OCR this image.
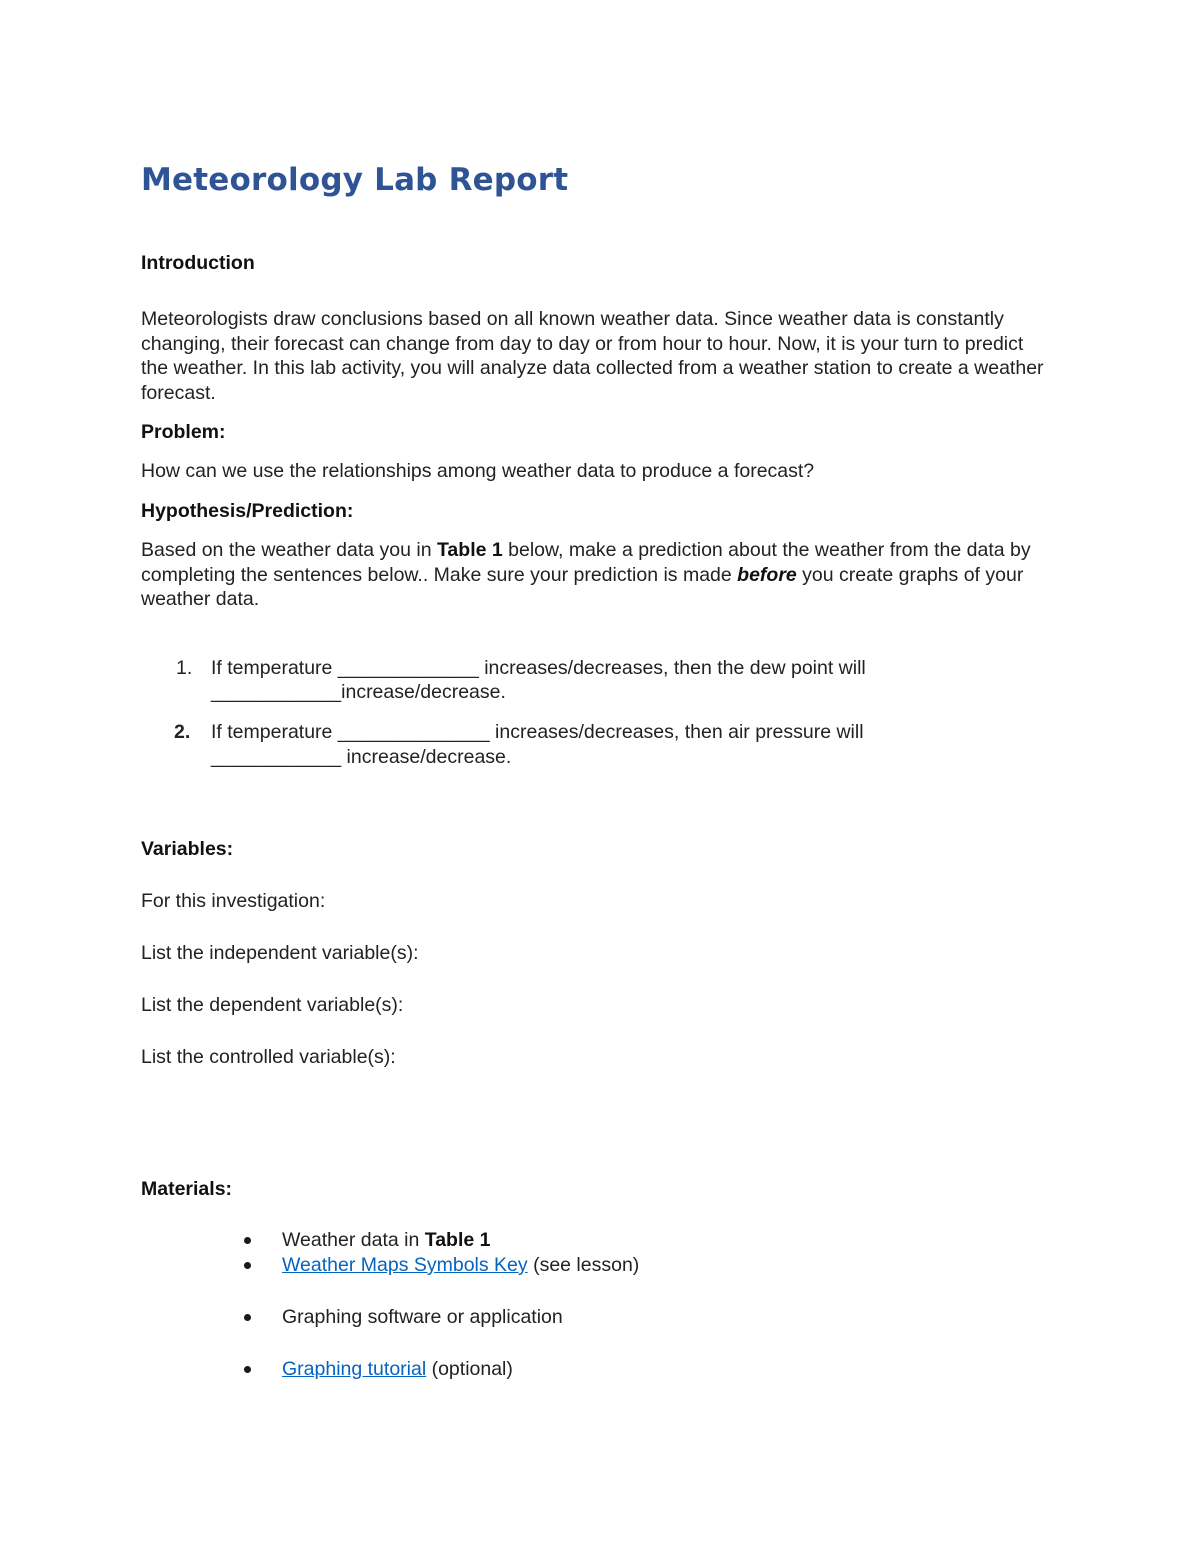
Meteorology Lab Report
Introduction

Meteorologists draw conclusions based on all known weather data. Since weather data is constantly changing, their forecast can change from day to day or from hour to hour. Now, it is your turn to predict the weather. In this lab activity, you will analyze data collected from a weather station to create a weather forecast.

Problem:

How can we use the relationships among weather data to produce a forecast?

Hypothesis/Prediction:

Based on the weather data you in Table 1 below, make a prediction about the weather from the data by completing the sentences below.. Make sure your prediction is made before you create graphs of your weather data.

1. If temperature _____________ increases/decreases, then the dew point will
____________increase/decrease.
2. If temperature ______________ increases/decreases, then air pressure will
____________ increase/decrease.
Variables:

For this investigation:

List the independent variable(s):

List the dependent variable(s):

List the controlled variable(s):

Materials:
Weather data in Table 1
Weather Maps Symbols Key (see lesson)
Graphing software or application
Graphing tutorial (optional)
